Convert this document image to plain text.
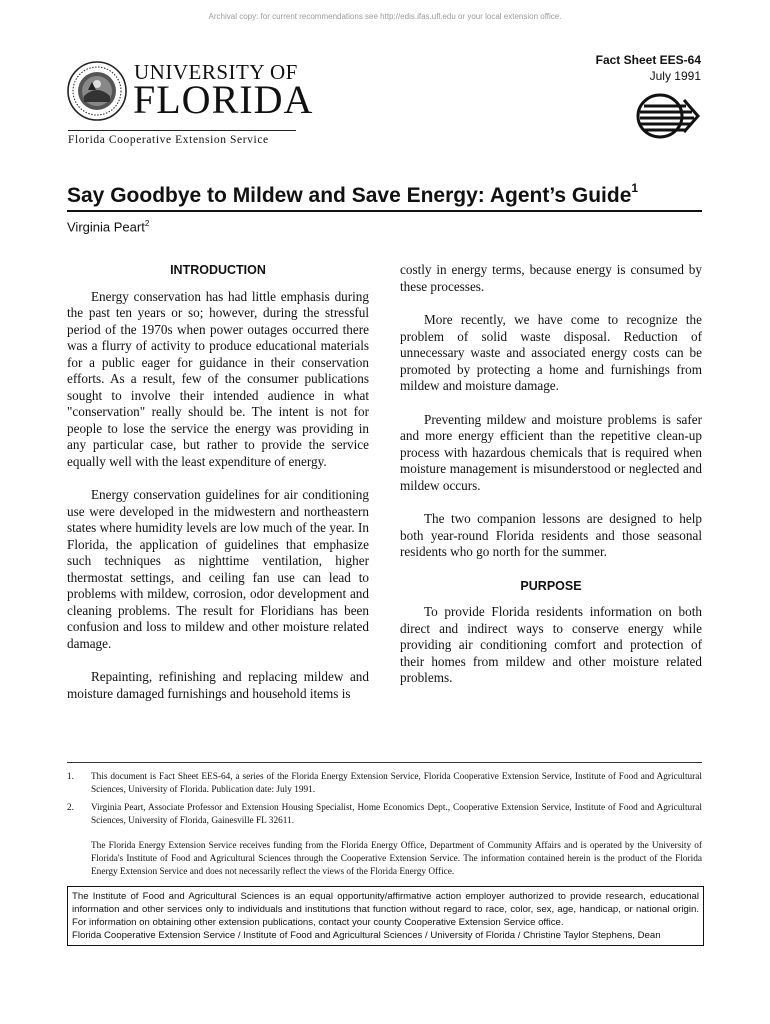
Archival copy: for current recommendations see http://edis.ifas.ufl.edu or your local extension office.
UNIVERSITY OF
FLORIDA
Florida Cooperative Extension Service
Fact Sheet EES-64
July 1991
Say Goodbye to Mildew and Save Energy: Agent’s Guide$^1$
Virginia Peart$^2$
INTRODUCTION

Energy conservation has had little emphasis during the past ten years or so; however, during the stressful period of the 1970s when power outages occurred there was a flurry of activity to produce educational materials for a public eager for guidance in their conservation efforts. As a result, few of the consumer publications sought to involve their intended audience in what "conservation" really should be. The intent is not for people to lose the service the energy was providing in any particular case, but rather to provide the service equally well with the least expenditure of energy.

Energy conservation guidelines for air conditioning use were developed in the midwestern and northeastern states where humidity levels are low much of the year. In Florida, the application of guidelines that emphasize such techniques as nighttime ventilation, higher thermostat settings, and ceiling fan use can lead to problems with mildew, corrosion, odor development and cleaning problems. The result for Floridians has been confusion and loss to mildew and other moisture related damage.

Repainting, refinishing and replacing mildew and moisture damaged furnishings and household items is

costly in energy terms, because energy is consumed by these processes.

More recently, we have come to recognize the problem of solid waste disposal. Reduction of unnecessary waste and associated energy costs can be promoted by protecting a home and furnishings from mildew and moisture damage.

Preventing mildew and moisture problems is safer and more energy efficient than the repetitive clean-up process with hazardous chemicals that is required when moisture management is misunderstood or neglected and mildew occurs.

The two companion lessons are designed to help both year-round Florida residents and those seasonal residents who go north for the summer.

PURPOSE

To provide Florida residents information on both direct and indirect ways to conserve energy while providing air conditioning comfort and protection of their homes from mildew and other moisture related problems.

1.	This document is Fact Sheet EES-64, a series of the Florida Energy Extension Service, Florida Cooperative Extension Service, Institute of Food and Agricultural Sciences, University of Florida. Publication date: July 1991.
2.	Virginia Peart, Associate Professor and Extension Housing Specialist, Home Economics Dept., Cooperative Extension Service, Institute of Food and Agricultural Sciences, University of Florida, Gainesville FL 32611.
The Florida Energy Extension Service receives funding from the Florida Energy Office, Department of Community Affairs and is operated by the University of Florida's Institute of Food and Agricultural Sciences through the Cooperative Extension Service. The information contained herein is the product of the Florida Energy Extension Service and does not necessarily reflect the views of the Florida Energy Office.
The Institute of Food and Agricultural Sciences is an equal opportunity/affirmative action employer authorized to provide research, educational information and other services only to individuals and institutions that function without regard to race, color, sex, age, handicap, or national origin. For information on obtaining other extension publications, contact your county Cooperative Extension Service office.
Florida Cooperative Extension Service / Institute of Food and Agricultural Sciences / University of Florida / Christine Taylor Stephens, Dean
